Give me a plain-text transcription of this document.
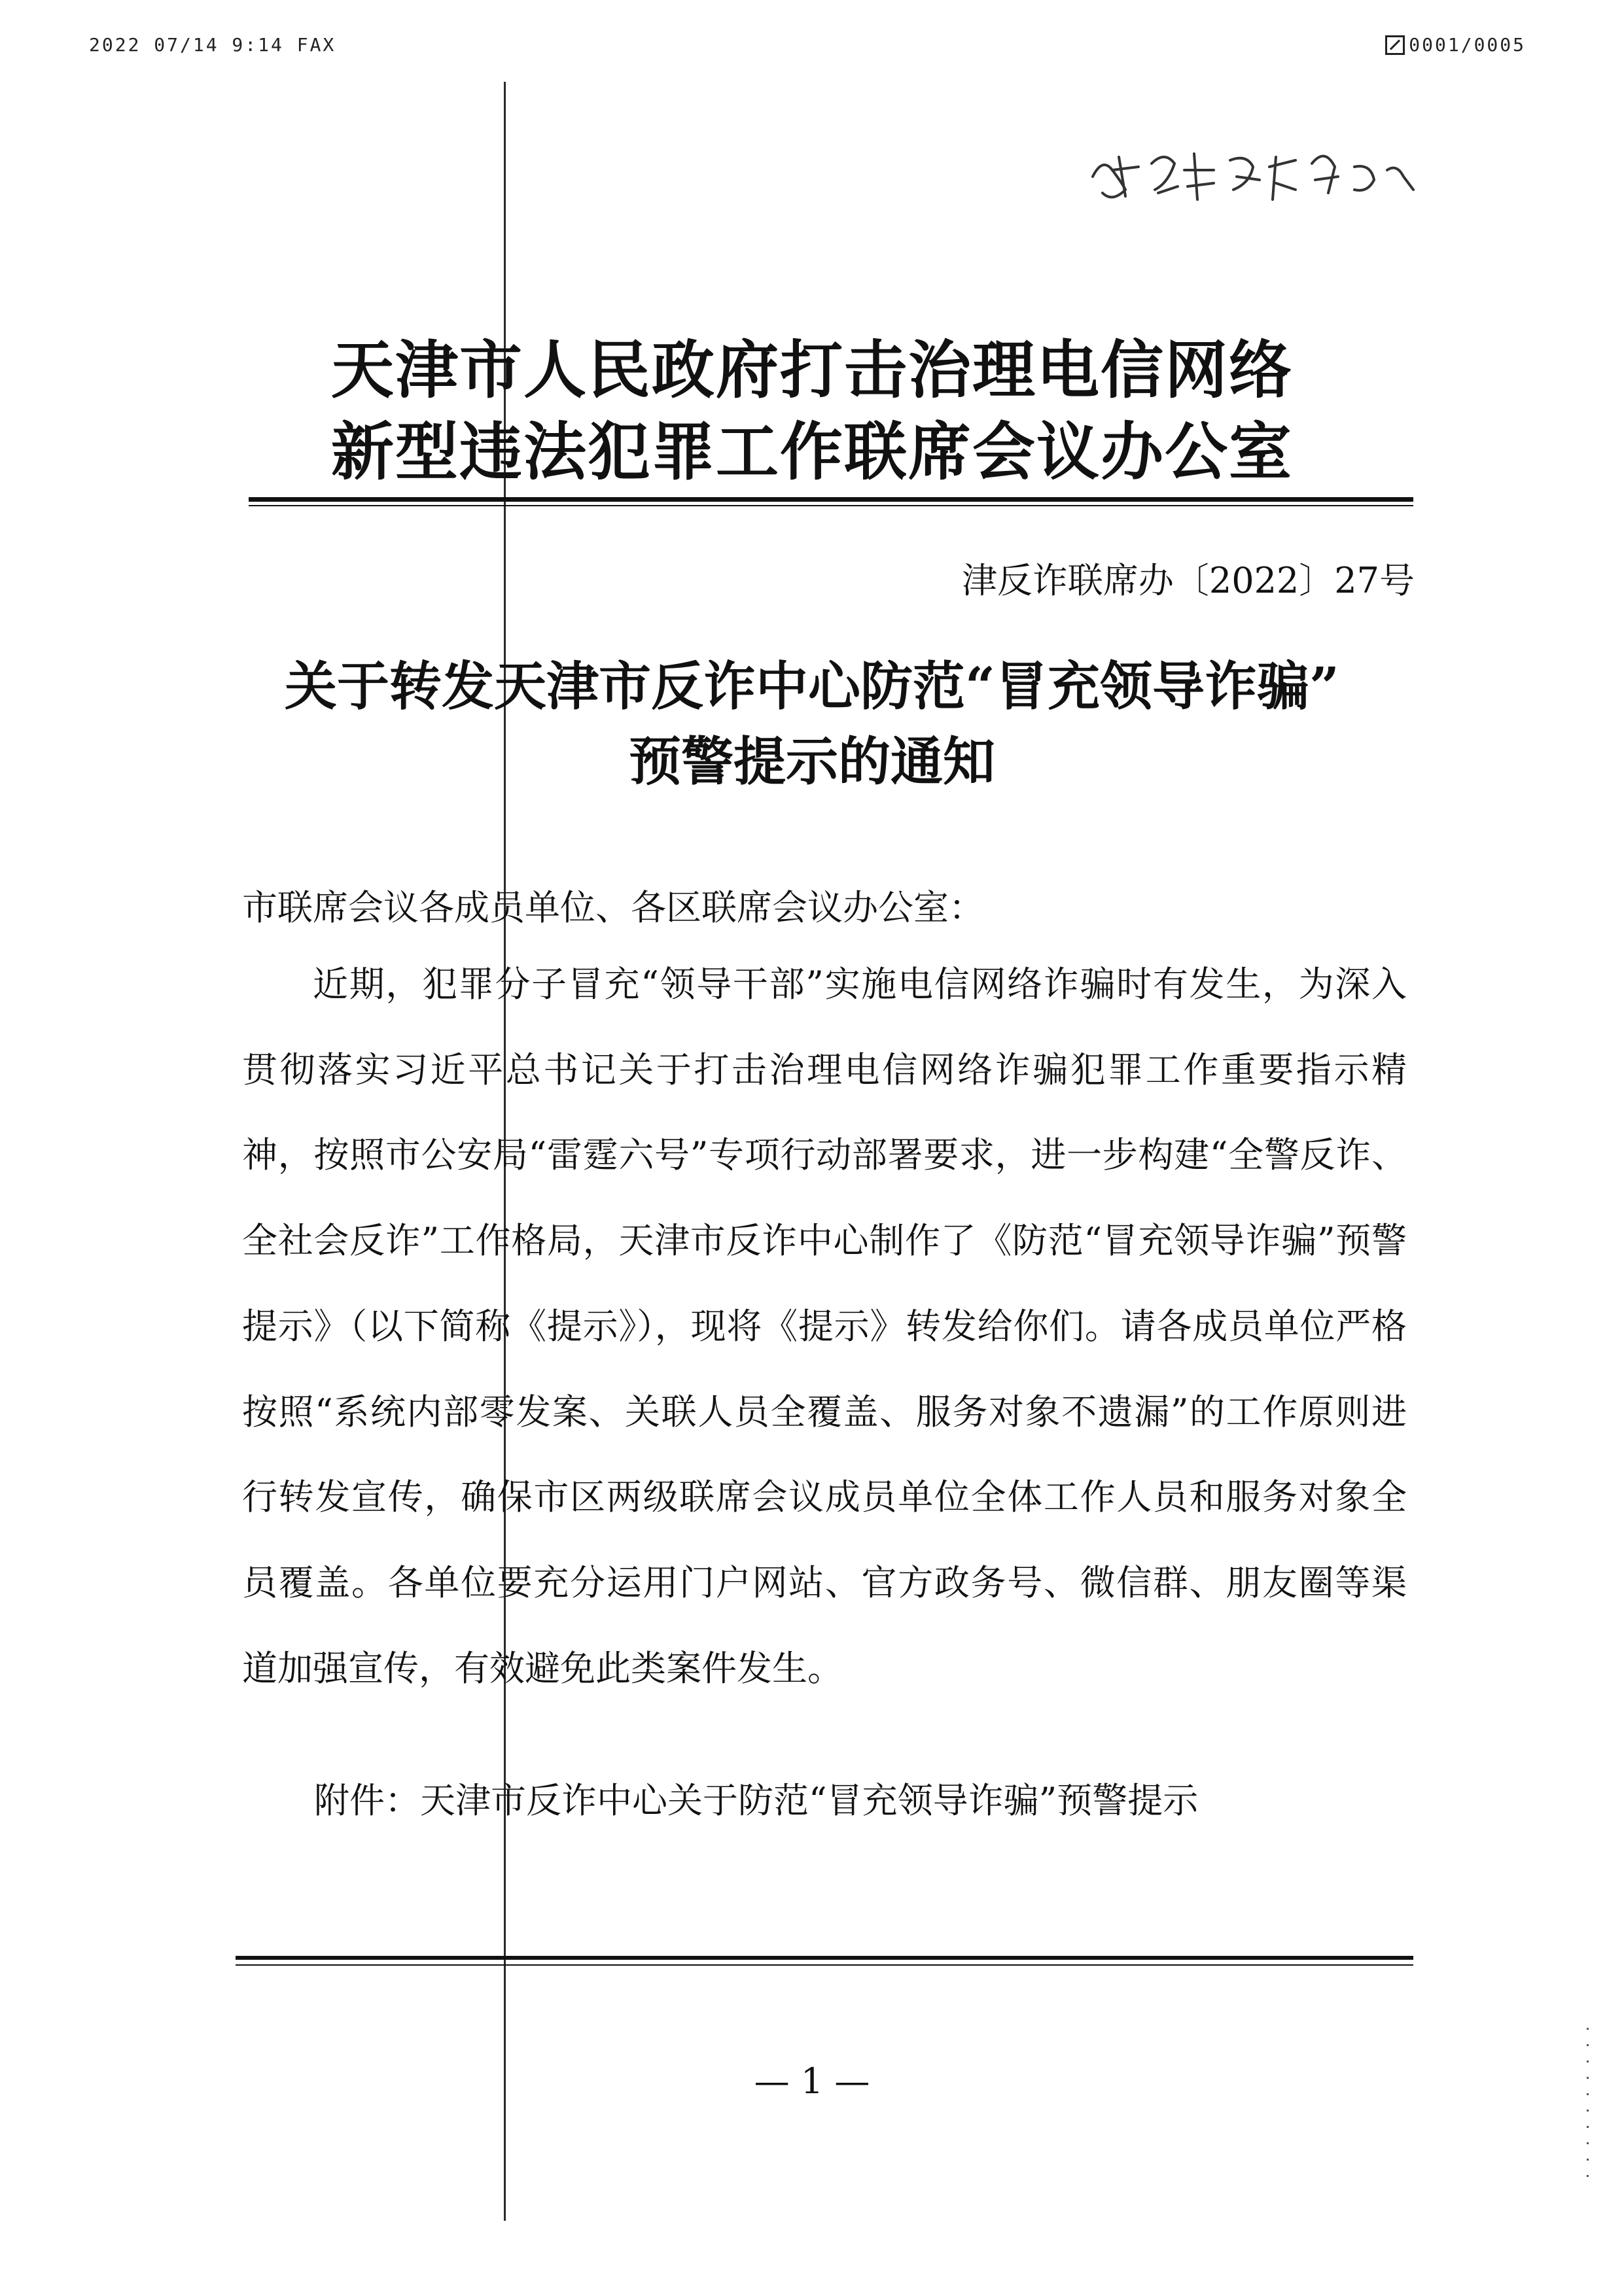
2022 07/14 9:14 FAX	0001/0005
天津市人民政府打击治理电信网络
新型违法犯罪工作联席会议办公室
津反诈联席办〔2022〕27号
关于转发天津市反诈中心防范“冒充领导诈骗”
预警提示的通知
市联席会议各成员单位、各区联席会议办公室：
近期，犯罪分子冒充“领导干部”实施电信网络诈骗时有发生，为深入贯彻落实习近平总书记关于打击治理电信网络诈骗犯罪工作重要指示精神，按照市公安局“雷霆六号”专项行动部署要求，进一步构建“全警反诈、全社会反诈”工作格局，天津市反诈中心制作了《防范“冒充领导诈骗”预警提示》（以下简称《提示》），现将《提示》转发给你们。请各成员单位严格按照“系统内部零发案、关联人员全覆盖、服务对象不遗漏”的工作原则进行转发宣传，确保市区两级联席会议成员单位全体工作人员和服务对象全员覆盖。各单位要充分运用门户网站、官方政务号、微信群、朋友圈等渠道加强宣传，有效避免此类案件发生。
附件：天津市反诈中心关于防范“冒充领导诈骗”预警提示
— 1 —
